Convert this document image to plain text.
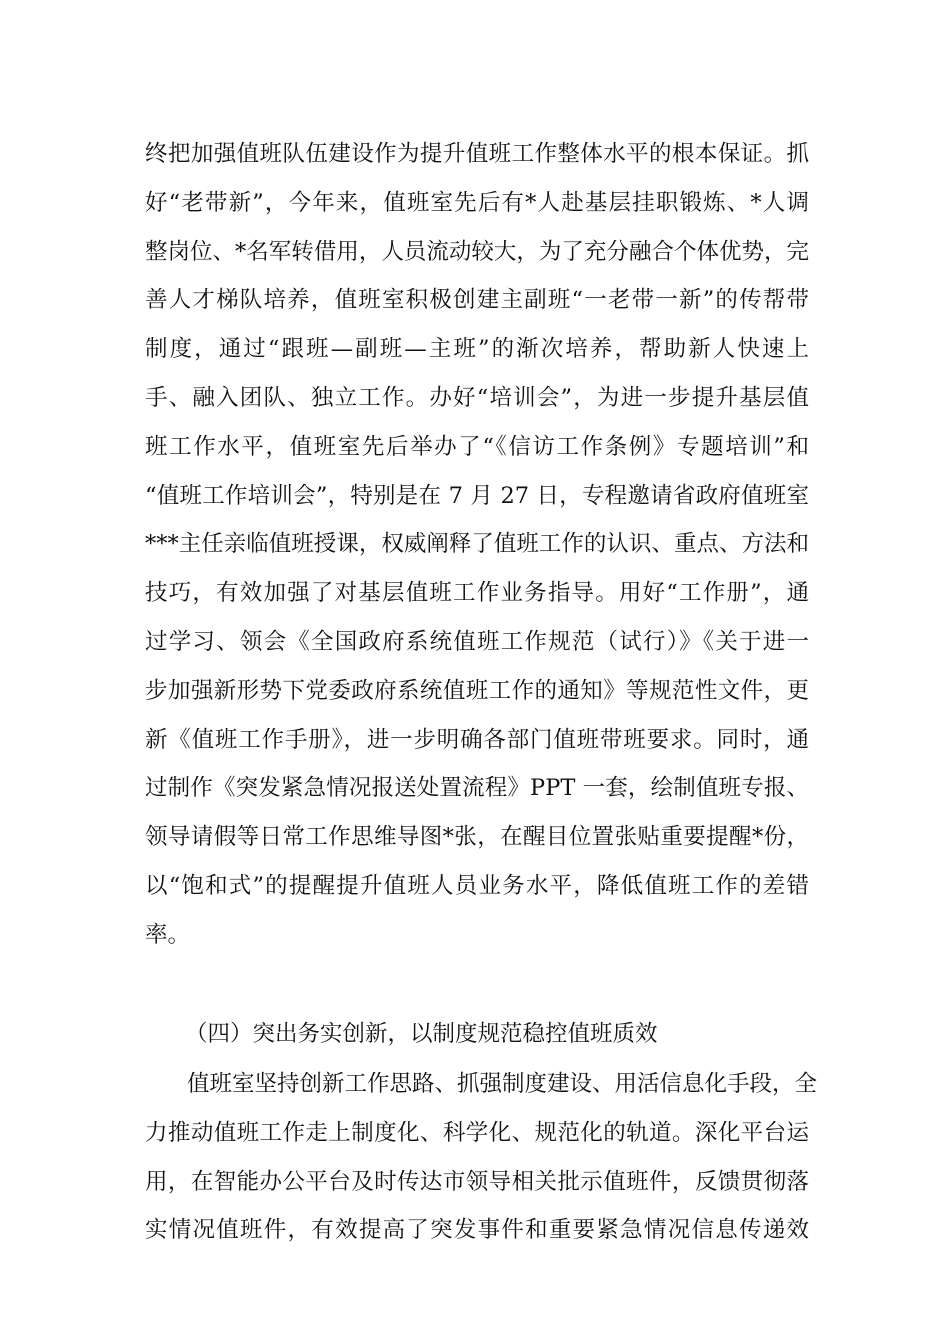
终把加强值班队伍建设作为提升值班工作整体水平的根本保证。抓
好“老带新”，今年来，值班室先后有*人赴基层挂职锻炼、*人调
整岗位、*名军转借用，人员流动较大，为了充分融合个体优势，完
善人才梯队培养，值班室积极创建主副班“一老带一新”的传帮带
制度，通过“跟班—副班—主班”的渐次培养，帮助新人快速上
手、融入团队、独立工作。办好“培训会”，为进一步提升基层值
班工作水平，值班室先后举办了“《信访工作条例》专题培训”和
“值班工作培训会”，特别是在 7 月 27 日，专程邀请省政府值班室
***主任亲临值班授课，权威阐释了值班工作的认识、重点、方法和
技巧，有效加强了对基层值班工作业务指导。用好“工作册”，通
过学习、领会《全国政府系统值班工作规范（试行）》《关于进一
步加强新形势下党委政府系统值班工作的通知》等规范性文件，更
新《值班工作手册》，进一步明确各部门值班带班要求。同时，通
过制作《突发紧急情况报送处置流程》PPT 一套，绘制值班专报、
领导请假等日常工作思维导图*张，在醒目位置张贴重要提醒*份，
以“饱和式”的提醒提升值班人员业务水平，降低值班工作的差错
率。
（四）突出务实创新，以制度规范稳控值班质效
值班室坚持创新工作思路、抓强制度建设、用活信息化手段，全
力推动值班工作走上制度化、科学化、规范化的轨道。深化平台运
用，在智能办公平台及时传达市领导相关批示值班件，反馈贯彻落
实情况值班件，有效提高了突发事件和重要紧急情况信息传递效
